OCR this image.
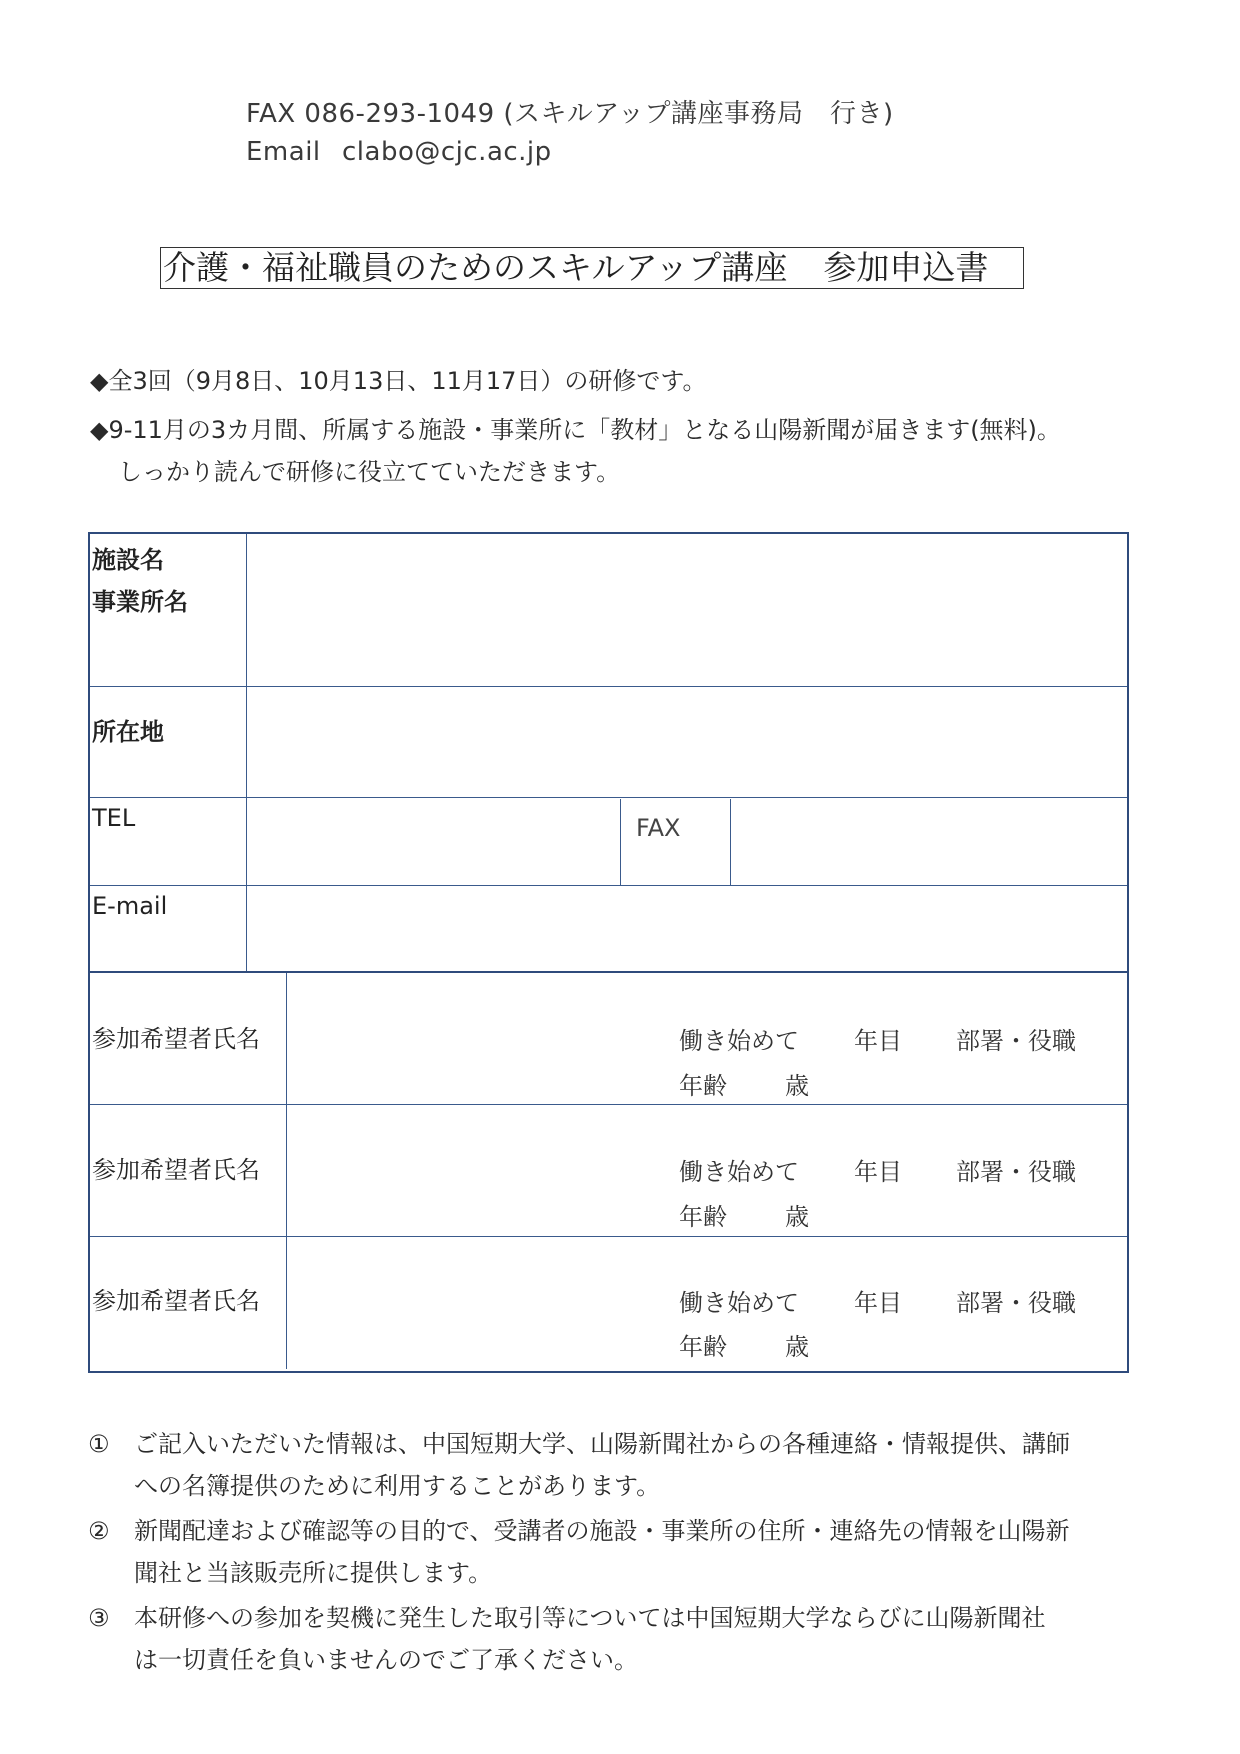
FAX 086-293-1049 (スキルアップ講座事務局　行き)
Email clabo@cjc.ac.jp
介護・福祉職員のためのスキルアップ講座 参加申込書
◆全3回（9月8日、10月13日、11月17日）の研修です。
◆9-11月の3カ月間、所属する施設・事業所に「教材」となる山陽新聞が届きます(無料)。
しっかり読んで研修に役立てていただきます。
施設名
事業所名
所在地
TEL	FAX
E-mail
参加希望者氏名	働き始めて 年目 部署・役職
年齢 歳
参加希望者氏名	働き始めて 年目 部署・役職
年齢 歳
参加希望者氏名	働き始めて 年目 部署・役職
年齢 歳
① ご記入いただいた情報は、中国短期大学、山陽新聞社からの各種連絡・情報提供、講師
への名簿提供のために利用することがあります。
② 新聞配達および確認等の目的で、受講者の施設・事業所の住所・連絡先の情報を山陽新
聞社と当該販売所に提供します。
③ 本研修への参加を契機に発生した取引等については中国短期大学ならびに山陽新聞社
は一切責任を負いませんのでご了承ください。
